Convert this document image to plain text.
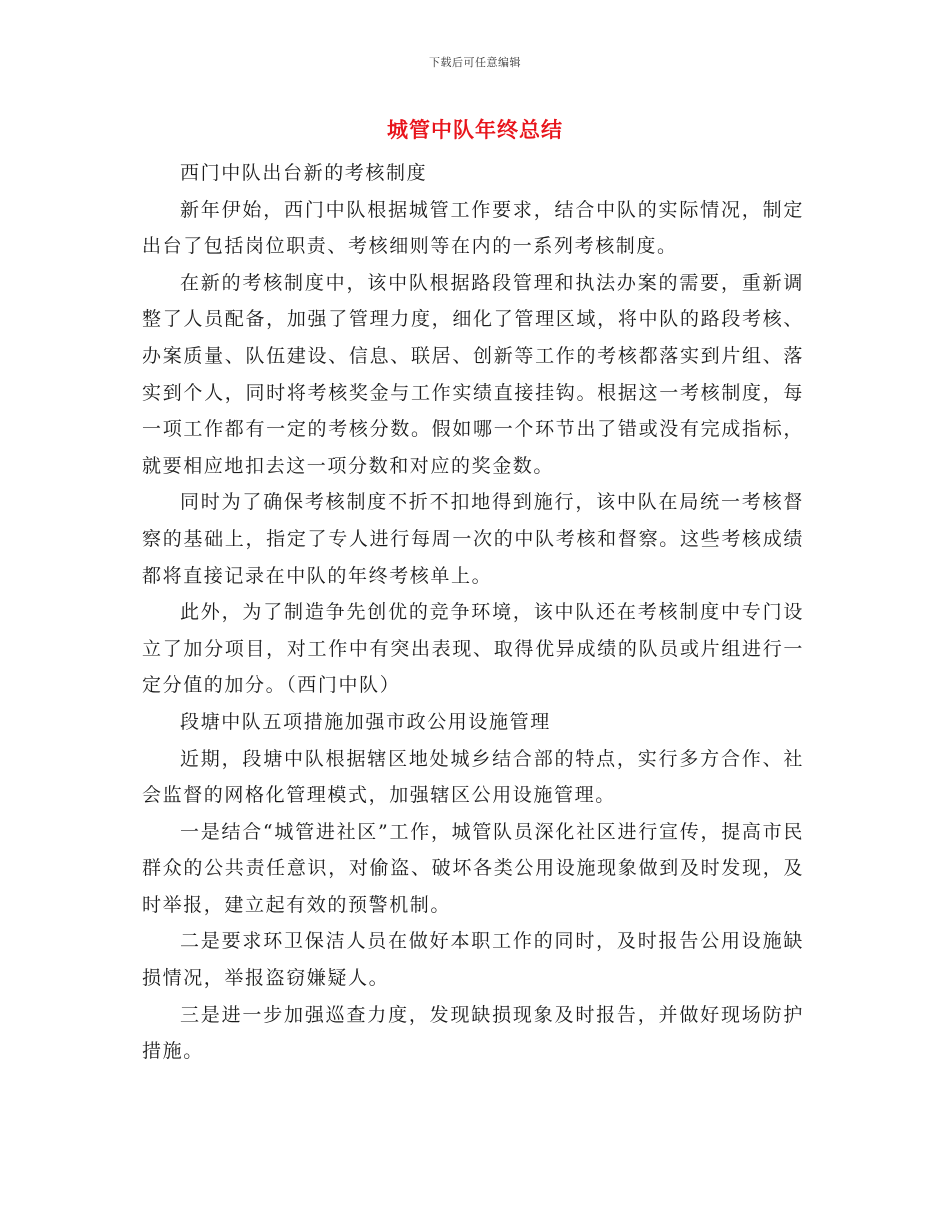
下载后可任意编辑
城管中队年终总结

西门中队出台新的考核制度

新年伊始，西门中队根据城管工作要求，结合中队的实际情况，制定出台了包括岗位职责、考核细则等在内的一系列考核制度。

在新的考核制度中，该中队根据路段管理和执法办案的需要，重新调整了人员配备，加强了管理力度，细化了管理区域，将中队的路段考核、办案质量、队伍建设、信息、联居、创新等工作的考核都落实到片组、落实到个人，同时将考核奖金与工作实绩直接挂钩。根据这一考核制度，每一项工作都有一定的考核分数。假如哪一个环节出了错或没有完成指标，就要相应地扣去这一项分数和对应的奖金数。

同时为了确保考核制度不折不扣地得到施行，该中队在局统一考核督察的基础上，指定了专人进行每周一次的中队考核和督察。这些考核成绩都将直接记录在中队的年终考核单上。

此外，为了制造争先创优的竞争环境，该中队还在考核制度中专门设立了加分项目，对工作中有突出表现、取得优异成绩的队员或片组进行一定分值的加分。（西门中队）

段塘中队五项措施加强市政公用设施管理

近期，段塘中队根据辖区地处城乡结合部的特点，实行多方合作、社会监督的网格化管理模式，加强辖区公用设施管理。

一是结合“城管进社区”工作，城管队员深化社区进行宣传，提高市民群众的公共责任意识，对偷盗、破坏各类公用设施现象做到及时发现，及时举报，建立起有效的预警机制。

二是要求环卫保洁人员在做好本职工作的同时，及时报告公用设施缺损情况，举报盗窃嫌疑人。

三是进一步加强巡查力度，发现缺损现象及时报告，并做好现场防护措施。
